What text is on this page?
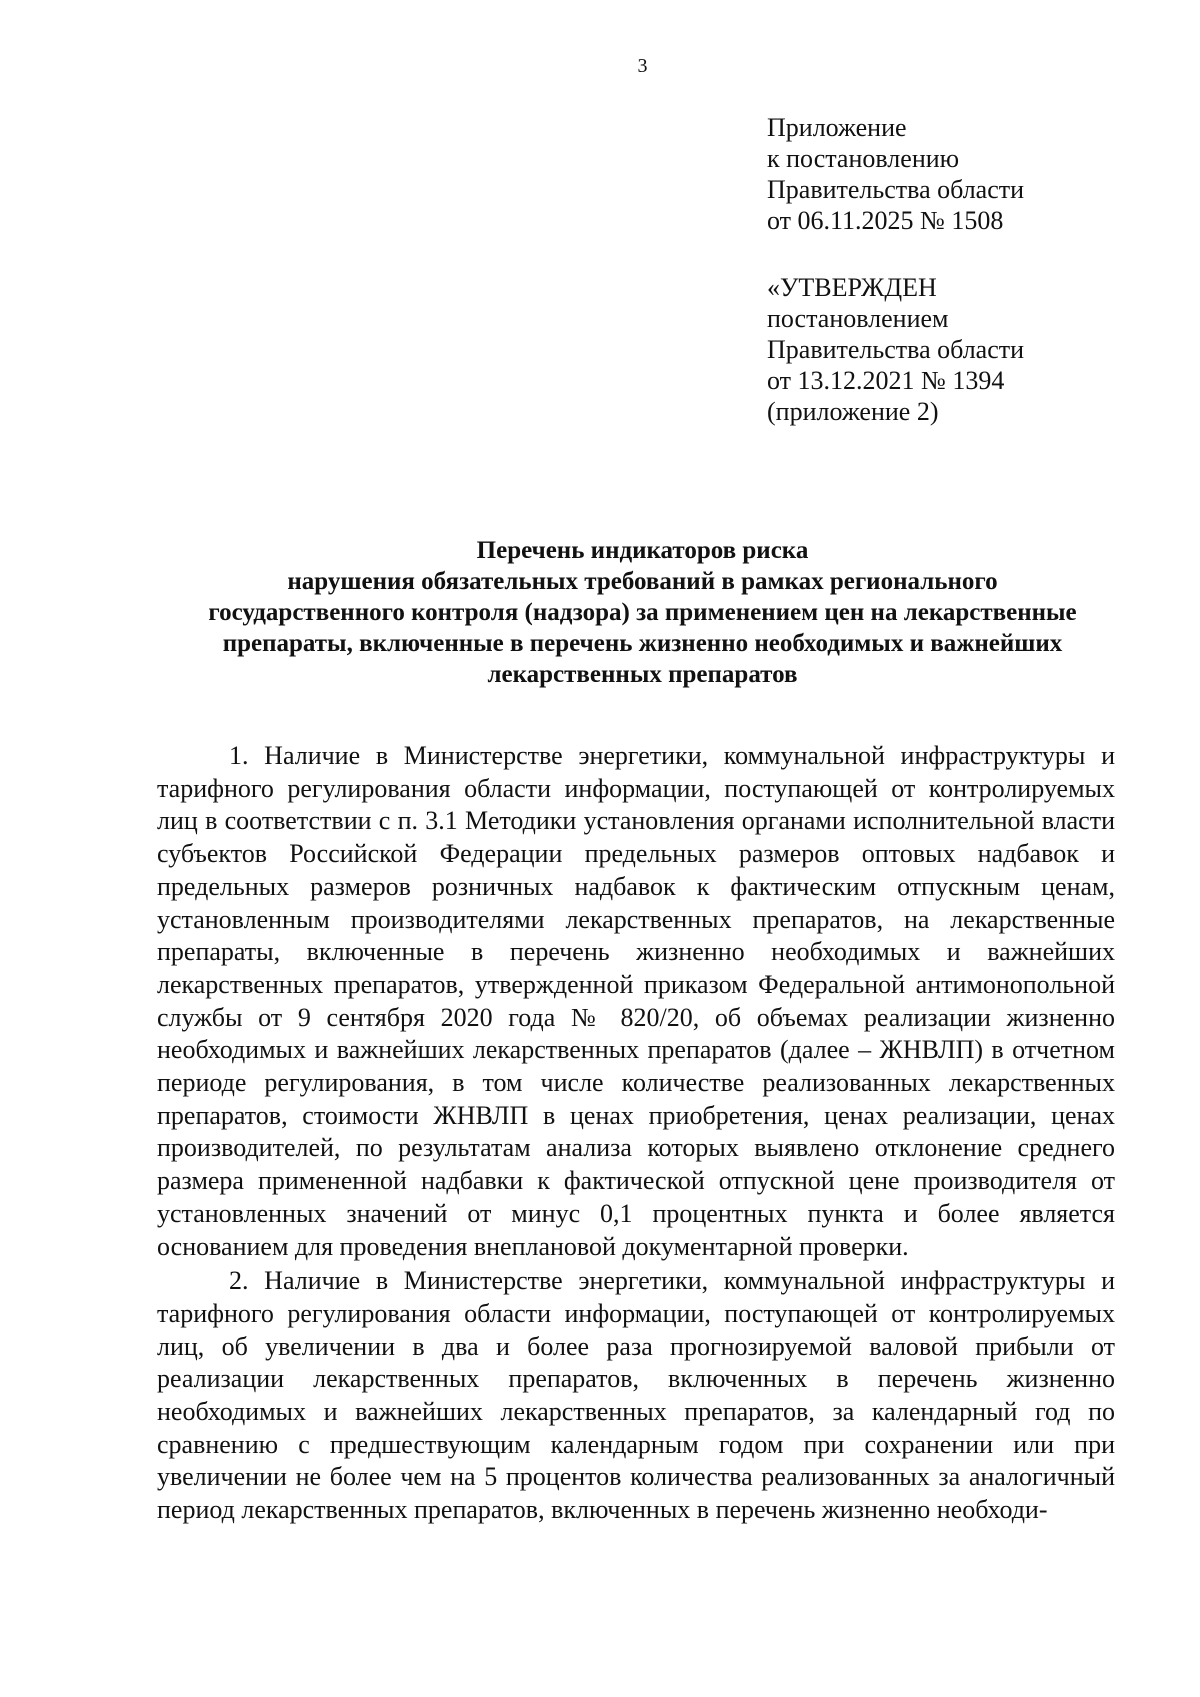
3
Приложение
к постановлению
Правительства области
от 06.11.2025 № 1508
«УТВЕРЖДЕН
постановлением
Правительства области
от 13.12.2021 № 1394
(приложение 2)
Перечень индикаторов риска
нарушения обязательных требований в рамках регионального
государственного контроля (надзора) за применением цен на лекарственные
препараты, включенные в перечень жизненно необходимых и важнейших
лекарственных препаратов

1. Наличие в Министерстве энергетики, коммунальной инфраструктуры и тарифного регулирования области информации, поступающей от контролируемых лиц в соответствии с п. 3.1 Методики установления органами исполнительной власти субъектов Российской Федерации предельных размеров оптовых надбавок и предельных размеров розничных надбавок к фактическим отпускным ценам, установленным производителями лекарственных препаратов, на лекарственные препараты, включенные в перечень жизненно необходимых и важнейших лекарственных препаратов, утвержденной приказом Федеральной антимонопольной службы от 9 сентября 2020 года № 820/20, об объемах реализации жизненно необходимых и важнейших лекарственных препаратов (далее – ЖНВЛП) в отчетном периоде регулирования, в том числе количестве реализованных лекарственных препаратов, стоимости ЖНВЛП в ценах приобретения, ценах реализации, ценах производителей, по результатам анализа которых выявлено отклонение среднего размера примененной надбавки к фактической отпускной цене производителя от установленных значений от минус 0,1 процентных пункта и более является основанием для проведения внеплановой документарной проверки.

2. Наличие в Министерстве энергетики, коммунальной инфраструктуры и тарифного регулирования области информации, поступающей от контролируемых лиц, об увеличении в два и более раза прогнозируемой валовой прибыли от реализации лекарственных препаратов, включенных в перечень жизненно необходимых и важнейших лекарственных препаратов, за календарный год по сравнению с предшествующим календарным годом при сохранении или при увеличении не более чем на 5 процентов количества реализованных за аналогичный период лекарственных препаратов, включенных в перечень жизненно необходи-
